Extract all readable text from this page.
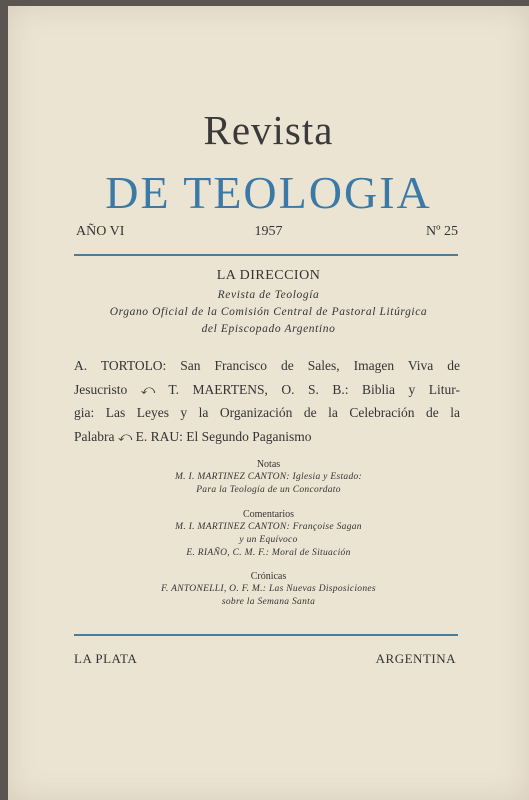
Revista
DE TEOLOGIA
AÑO VI	1957	Nº 25
LA DIRECCION
Revista de Teología
Organo Oficial de la Comisión Central de Pastoral Litúrgica
del Episcopado Argentino
A. TORTOLO: San Francisco de Sales, Imagen Viva de
Jesucristo ⤺ T. MAERTENS, O. S. B.: Biblia y Litur-
gia: Las Leyes y la Organización de la Celebración de la
Palabra ⤺ E. RAU: El Segundo Paganismo
Notas
M. I. MARTINEZ CANTON: Iglesia y Estado:
Para la Teología de un Concordato
Comentarios
M. I. MARTINEZ CANTON: Françoise Sagan
y un Equívoco
E. RIAÑO, C. M. F.: Moral de Situación
Crónicas
F. ANTONELLI, O. F. M.: Las Nuevas Disposiciones
sobre la Semana Santa
LA PLATA	ARGENTINA
